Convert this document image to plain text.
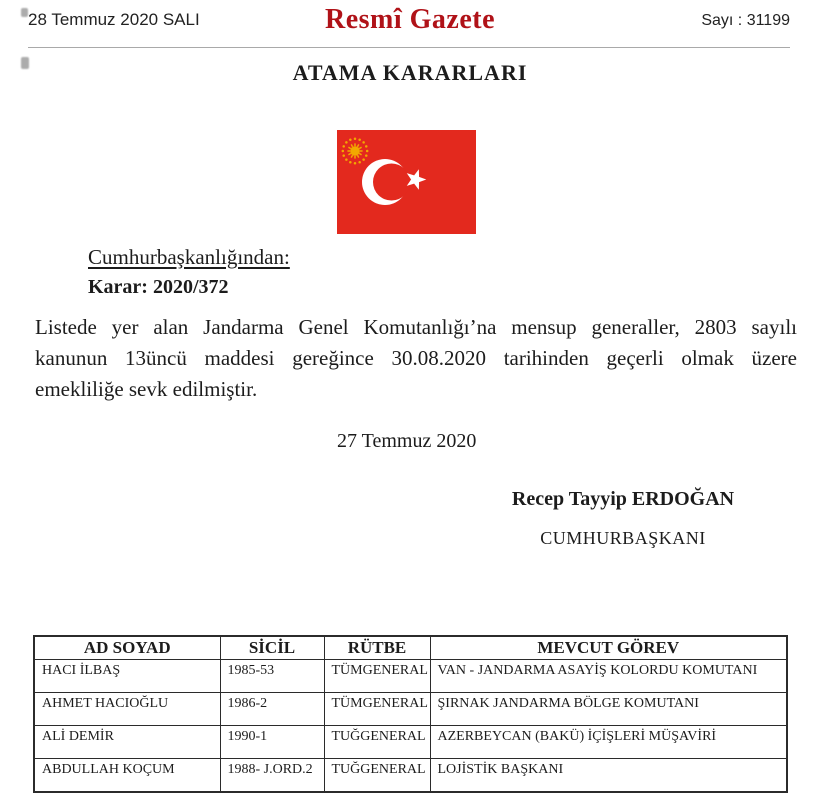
28 Temmuz 2020 SALI	Resmî Gazete	Sayı : 31199
ATAMA KARARLARI
Cumhurbaşkanlığından:
Karar: 2020/372
Listede yer alan Jandarma Genel Komutanlığı’na mensup generaller, 2803 sayılı
kanunun 13üncü maddesi gereğince 30.08.2020 tarihinden geçerli olmak üzere
emekliliğe sevk edilmiştir.
27 Temmuz 2020
Recep Tayyip ERDOĞAN
CUMHURBAŞKANI
AD SOYAD	SİCİL	RÜTBE	MEVCUT GÖREV
HACI İLBAŞ	1985-53	TÜMGENERAL	VAN - JANDARMA ASAYİŞ KOLORDU KOMUTANI
AHMET HACIOĞLU	1986-2	TÜMGENERAL	ŞIRNAK JANDARMA BÖLGE KOMUTANI
ALİ DEMİR	1990-1	TUĞGENERAL	AZERBEYCAN (BAKÜ) İÇİŞLERİ MÜŞAVİRİ
ABDULLAH KOÇUM	1988- J.ORD.2	TUĞGENERAL	LOJİSTİK BAŞKANI
